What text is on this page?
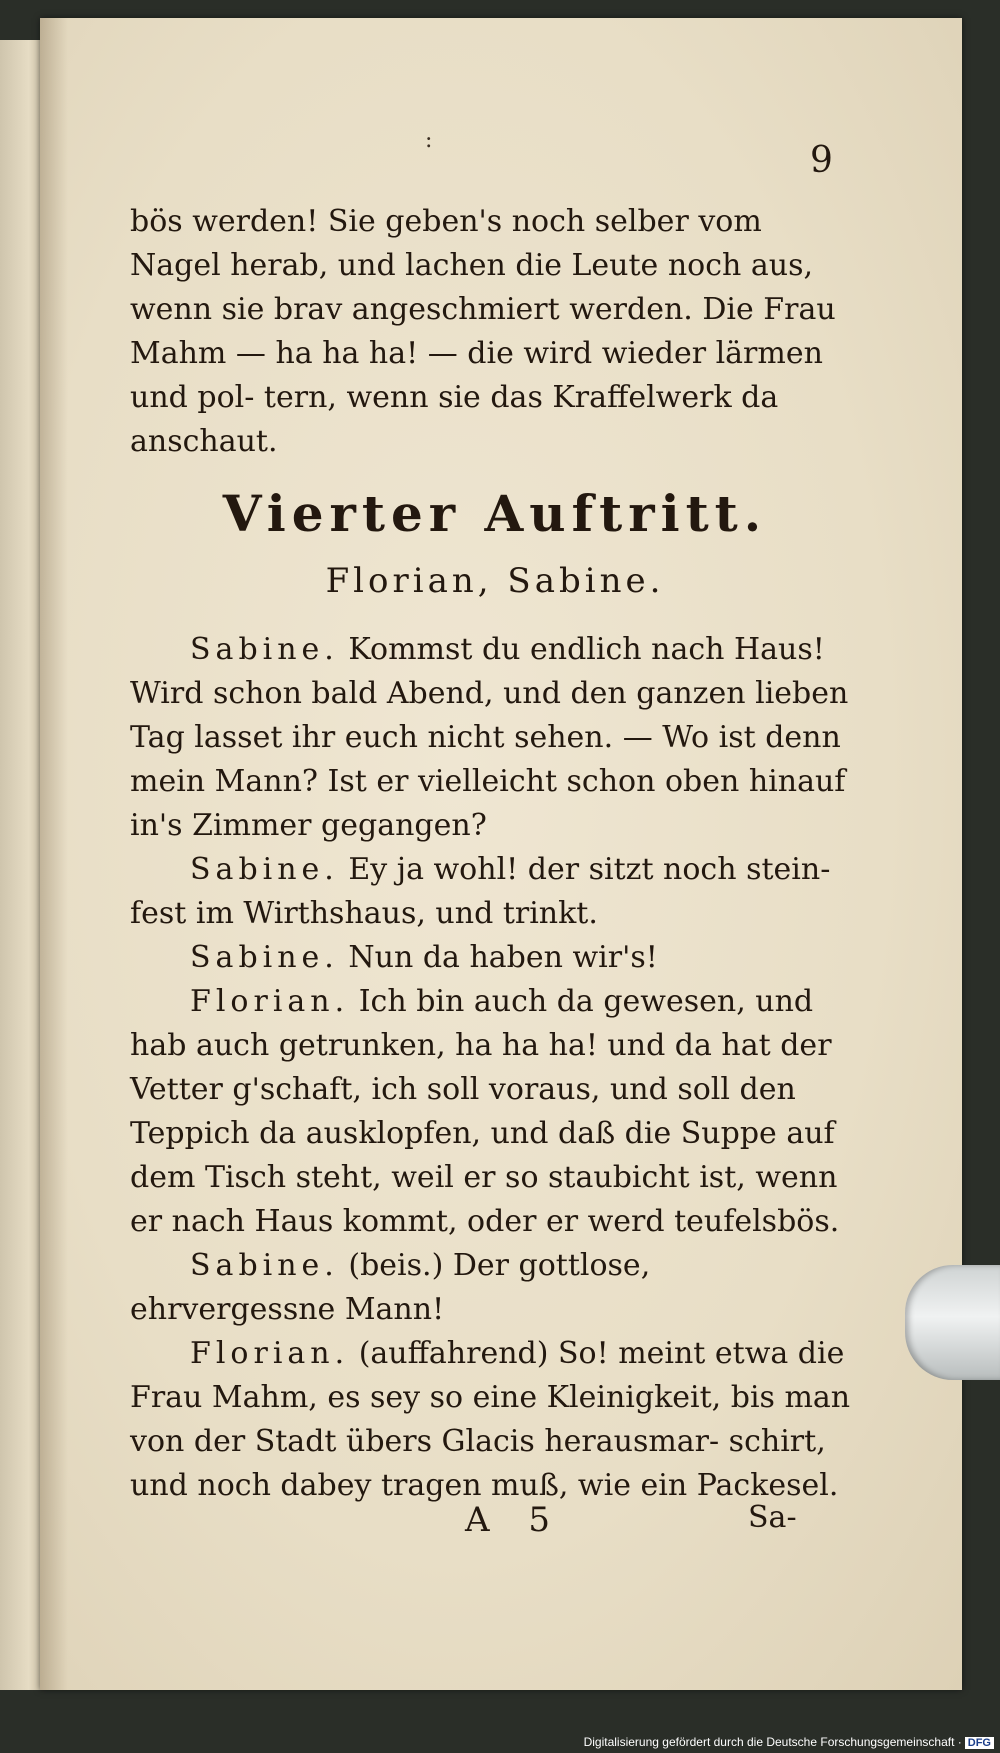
:	9

bös werden! Sie geben's noch selber vom Nagel herab, und lachen die Leute noch aus, wenn sie brav angeschmiert werden. Die Frau Mahm — ha ha ha! — die wird wieder lärmen und pol- tern, wenn sie das Kraffelwerk da anschaut.

Vierter Auftritt.
Florian, Sabine.

Sabine. Kommst du endlich nach Haus! Wird schon bald Abend, und den ganzen lieben Tag lasset ihr euch nicht sehen. — Wo ist denn mein Mann? Ist er vielleicht schon oben hinauf in's Zimmer gegangen?

Sabine. Ey ja wohl! der sitzt noch stein- fest im Wirthshaus, und trinkt.

Sabine. Nun da haben wir's!

Florian. Ich bin auch da gewesen, und hab auch getrunken, ha ha ha! und da hat der Vetter g'schaft, ich soll voraus, und soll den Teppich da ausklopfen, und daß die Suppe auf dem Tisch steht, weil er so staubicht ist, wenn er nach Haus kommt, oder er werd teufelsbös.

Sabine. (beis.) Der gottlose, ehrvergessne Mann!

Florian. (auffahrend) So! meint etwa die Frau Mahm, es sey so eine Kleinigkeit, bis man von der Stadt übers Glacis herausmar- schirt, und noch dabey tragen muß, wie ein Packesel.

A 5	Sa-
Digitalisierung gefördert durch die Deutsche Forschungsgemeinschaft · DFG
